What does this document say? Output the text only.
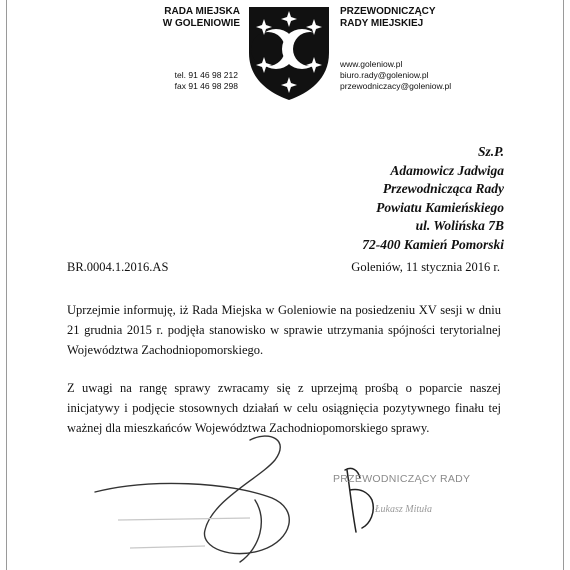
RADA MIEJSKA
W GOLENIOWIE
PRZEWODNICZĄCY
RADY MIEJSKIEJ
tel. 91 46 98 212
fax 91 46 98 298
www.goleniow.pl
biuro.rady@goleniow.pl
przewodniczacy@goleniow.pl
Sz.P.
Adamowicz Jadwiga
Przewodnicząca Rady
Powiatu Kamieńskiego
ul. Wolińska 7B
72-400 Kamień Pomorski
BR.0004.1.2016.AS	Goleniów, 11 stycznia 2016 r.
Uprzejmie informuję, iż Rada Miejska w Goleniowie na posiedzeniu XV sesji w dniu 21 grudnia 2015 r. podjęła stanowisko w sprawie utrzymania spójności terytorialnej Województwa Zachodniopomorskiego.
Z uwagi na rangę sprawy zwracamy się z uprzejmą prośbą o poparcie naszej inicjatywy i podjęcie stosownych działań w celu osiągnięcia pozytywnego finału tej ważnej dla mieszkańców Województwa Zachodniopomorskiego sprawy.
PRZEWODNICZĄCY RADY
Łukasz Mituła
